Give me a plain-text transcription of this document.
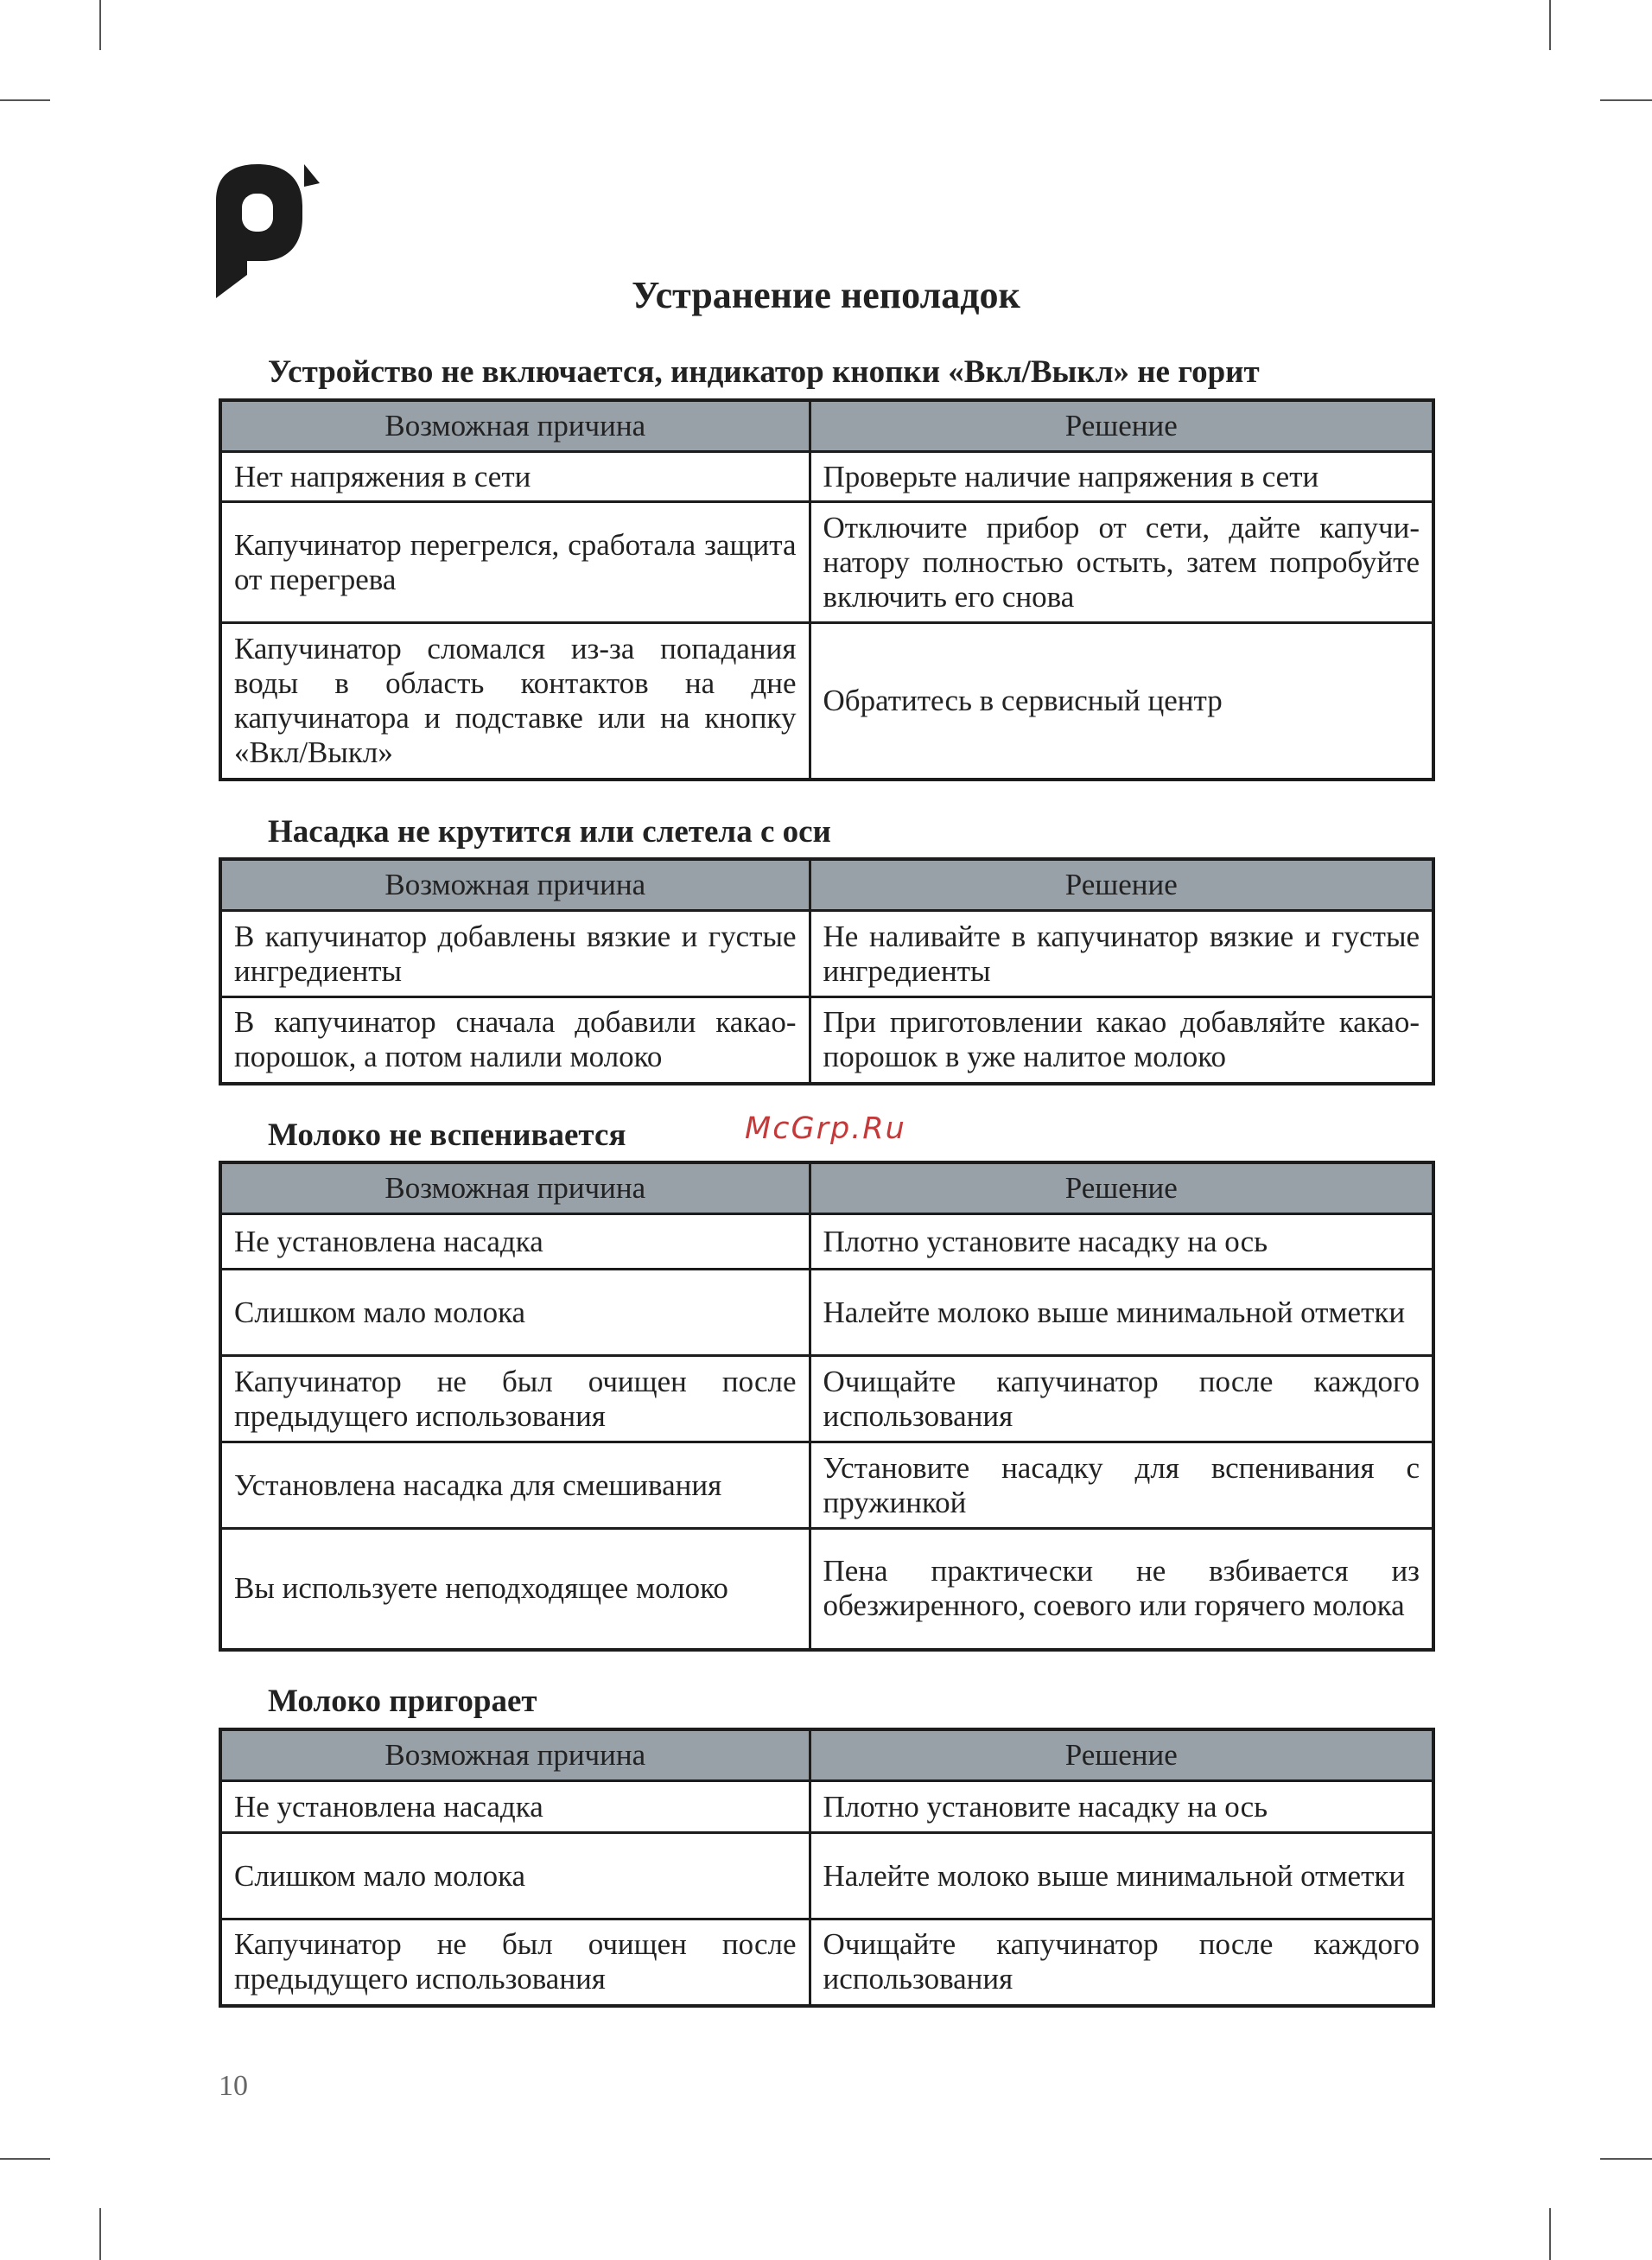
Устранение неполадок
McGrp.Ru
Устройство не включается, индикатор кнопки «Вкл/Выкл» не горит
Возможная причина	Решение
Нет напряжения в сети	Проверьте наличие напряжения в сети
Капучинатор перегрелся, сработала защита от перегрева	Отключите прибор от сети, дайте капучинатору полностью остыть, затем попробуйте включить его снова
Капучинатор сломался из-за попадания воды в область контактов на дне капучинатора и подставке или на кнопку «Вкл/Выкл»	Обратитесь в сервисный центр
Насадка не крутится или слетела с оси
Возможная причина	Решение
В капучинатор добавлены вязкие и густые ингредиенты	Не наливайте в капучинатор вязкие и густые ингредиенты
В капучинатор сначала добавили какао-порошок, а потом налили молоко	При приготовлении какао добавляйте какао-порошок в уже налитое молоко
Молоко не вспенивается
Возможная причина	Решение
Не установлена насадка	Плотно установите насадку на ось
Слишком мало молока	Налейте молоко выше минимальной отметки
Капучинатор не был очищен после предыдущего использования	Очищайте капучинатор после каждого использования
Установлена насадка для смешивания	Установите насадку для вспенивания с пружинкой
Вы используете неподходящее молоко	Пена практически не взбивается из обезжиренного, соевого или горячего молока
Молоко пригорает
Возможная причина	Решение
Не установлена насадка	Плотно установите насадку на ось
Слишком мало молока	Налейте молоко выше минимальной отметки
Капучинатор не был очищен после предыдущего использования	Очищайте капучинатор после каждого использования
10
